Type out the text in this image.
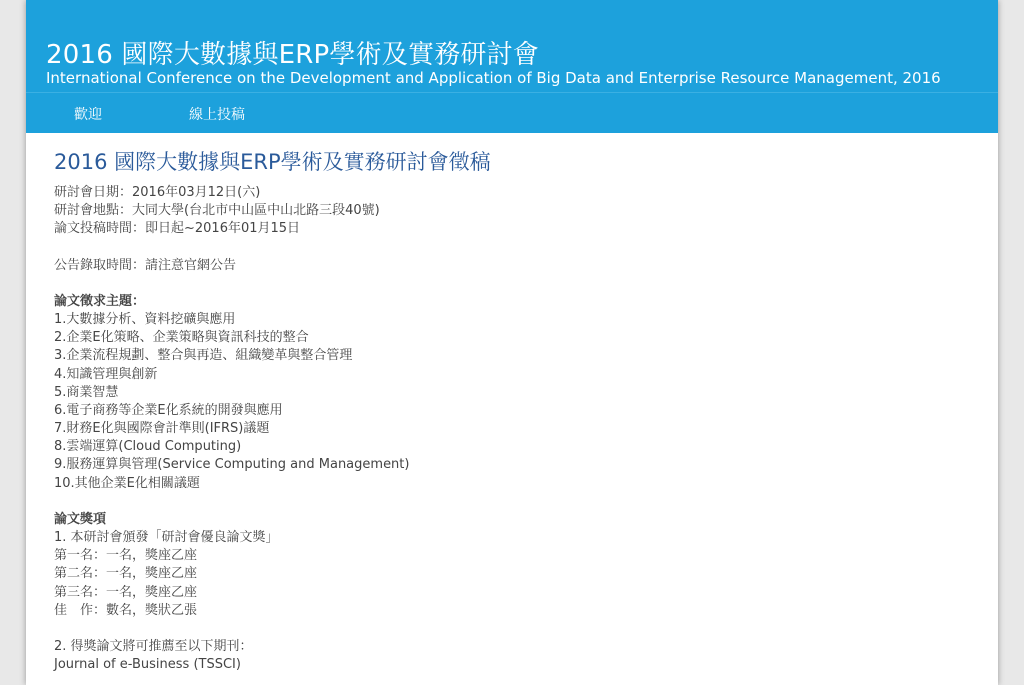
2016 國際大數據與ERP學術及實務研討會
International Conference on the Development and Application of Big Data and Enterprise Resource Management, 2016
歡迎	線上投稿
2016 國際大數據與ERP學術及實務研討會徵稿
研討會日期：2016年03月12日(六)
研討會地點：大同大學(台北市中山區中山北路三段40號)
論文投稿時間：即日起~2016年01月15日
公告錄取時間：請注意官網公告
論文徵求主題：
1.大數據分析、資料挖礦與應用
2.企業E化策略、企業策略與資訊科技的整合
3.企業流程規劃、整合與再造、組織變革與整合管理
4.知識管理與創新
5.商業智慧
6.電子商務等企業E化系統的開發與應用
7.財務E化與國際會計準則(IFRS)議題
8.雲端運算(Cloud Computing)
9.服務運算與管理(Service Computing and Management)
10.其他企業E化相關議題
論文獎項
1. 本研討會頒發「研討會優良論文獎」
第一名：一名，獎座乙座
第二名：一名，獎座乙座
第三名：一名，獎座乙座
佳　作：數名，獎狀乙張
2. 得獎論文將可推薦至以下期刊：
Journal of e-Business (TSSCI)
